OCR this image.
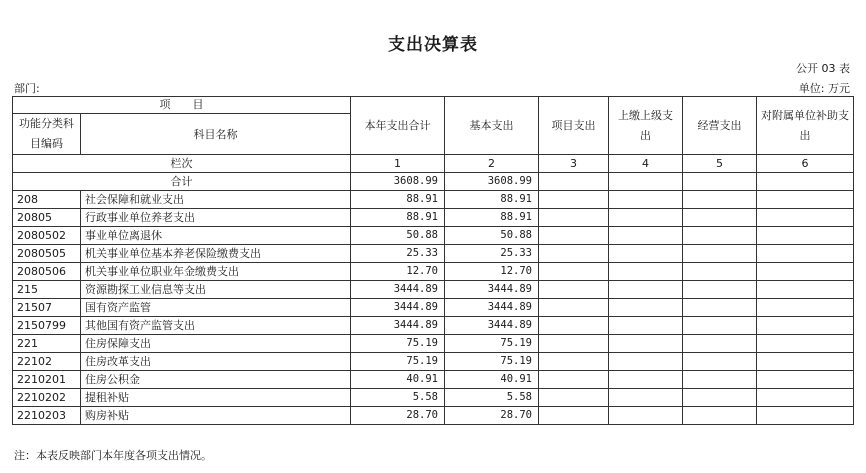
支出决算表
公开 03 表
部门:	单位: 万元
项　　目		本年支出合计	基本支出	项目支出	上缴上级支出	经营支出	对附属单位补助支出
功能分类科目编码	科目名称						
栏次		1	2	3	4	5	6
合计		3608.99	3608.99				
208	社会保障和就业支出	88.91	88.91				
20805	行政事业单位养老支出	88.91	88.91				
2080502	事业单位离退休	50.88	50.88				
2080505	机关事业单位基本养老保险缴费支出	25.33	25.33				
2080506	机关事业单位职业年金缴费支出	12.70	12.70				
215	资源勘探工业信息等支出	3444.89	3444.89				
21507	国有资产监管	3444.89	3444.89				
2150799	其他国有资产监管支出	3444.89	3444.89				
221	住房保障支出	75.19	75.19				
22102	住房改革支出	75.19	75.19				
2210201	住房公积金	40.91	40.91				
2210202	提租补贴	5.58	5.58				
2210203	购房补贴	28.70	28.70				
注：本表反映部门本年度各项支出情况。
